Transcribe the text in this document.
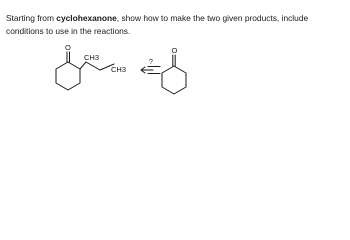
Starting from cyclohexanone, show how to make the two given products, include conditions to use in the reactions.

O
CH3
CH3
?
O
